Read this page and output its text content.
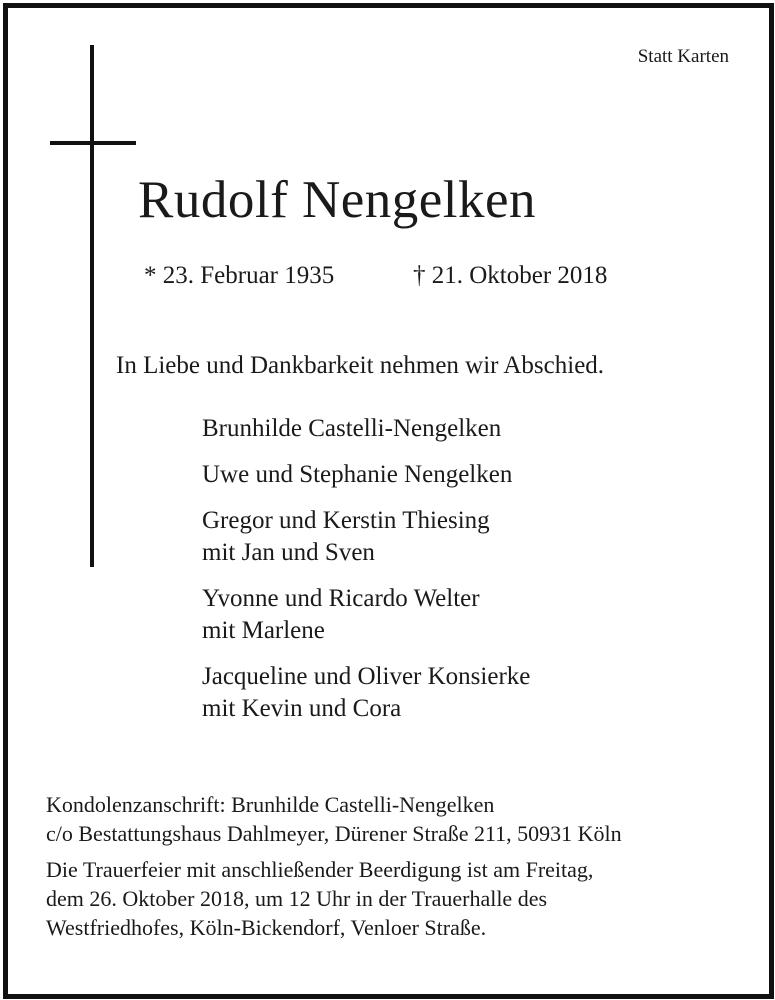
Statt Karten
Rudolf Nengelken
* 23. Februar 1935	† 21. Oktober 2018
In Liebe und Dankbarkeit nehmen wir Abschied.
Brunhilde Castelli-Nengelken
Uwe und Stephanie Nengelken
Gregor und Kerstin Thiesing
mit Jan und Sven
Yvonne und Ricardo Welter
mit Marlene
Jacqueline und Oliver Konsierke
mit Kevin und Cora
Kondolenzanschrift: Brunhilde Castelli-Nengelken
c/o Bestattungshaus Dahlmeyer, Dürener Straße 211, 50931 Köln
Die Trauerfeier mit anschließender Beerdigung ist am Freitag,
dem 26. Oktober 2018, um 12 Uhr in der Trauerhalle des
Westfriedhofes, Köln-Bickendorf, Venloer Straße.
